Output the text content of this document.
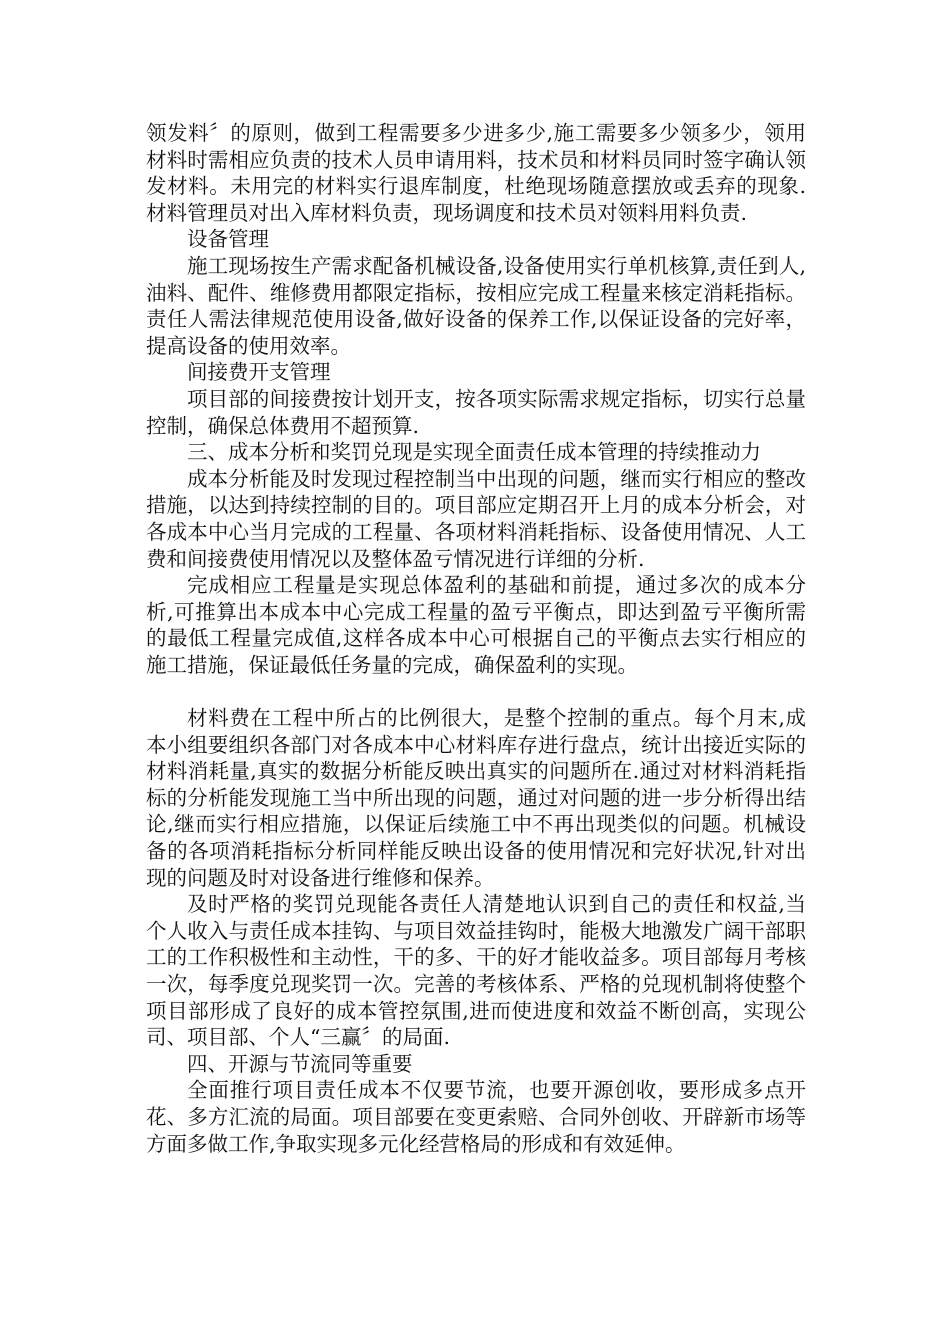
领发料〞的原则，做到工程需要多少进多少,施工需要多少领多少，领用材料时需相应负责的技术人员申请用料，技术员和材料员同时签字确认领发材料。未用完的材料实行退库制度，杜绝现场随意摆放或丢弃的现象.材料管理员对出入库材料负责，现场调度和技术员对领料用料负责.

设备管理

施工现场按生产需求配备机械设备,设备使用实行单机核算,责任到人,油料、配件、维修费用都限定指标，按相应完成工程量来核定消耗指标。责任人需法律规范使用设备,做好设备的保养工作,以保证设备的完好率，提高设备的使用效率。

间接费开支管理

项目部的间接费按计划开支，按各项实际需求规定指标，切实行总量控制，确保总体费用不超预算.

三、成本分析和奖罚兑现是实现全面责任成本管理的持续推动力

成本分析能及时发现过程控制当中出现的问题，继而实行相应的整改措施，以达到持续控制的目的。项目部应定期召开上月的成本分析会，对各成本中心当月完成的工程量、各项材料消耗指标、设备使用情况、人工费和间接费使用情况以及整体盈亏情况进行详细的分析.

完成相应工程量是实现总体盈利的基础和前提，通过多次的成本分析,可推算出本成本中心完成工程量的盈亏平衡点，即达到盈亏平衡所需的最低工程量完成值,这样各成本中心可根据自己的平衡点去实行相应的施工措施，保证最低任务量的完成，确保盈利的实现。

材料费在工程中所占的比例很大，是整个控制的重点。每个月末,成本小组要组织各部门对各成本中心材料库存进行盘点，统计出接近实际的材料消耗量,真实的数据分析能反映出真实的问题所在.通过对材料消耗指标的分析能发现施工当中所出现的问题，通过对问题的进一步分析得出结论,继而实行相应措施，以保证后续施工中不再出现类似的问题。机械设备的各项消耗指标分析同样能反映出设备的使用情况和完好状况,针对出现的问题及时对设备进行维修和保养。

及时严格的奖罚兑现能各责任人清楚地认识到自己的责任和权益,当个人收入与责任成本挂钩、与项目效益挂钩时，能极大地激发广阔干部职工的工作积极性和主动性，干的多、干的好才能收益多。项目部每月考核一次，每季度兑现奖罚一次。完善的考核体系、严格的兑现机制将使整个项目部形成了良好的成本管控氛围,进而使进度和效益不断创高，实现公司、项目部、个人“三赢〞的局面.

四、开源与节流同等重要

全面推行项目责任成本不仅要节流，也要开源创收，要形成多点开花、多方汇流的局面。项目部要在变更索赔、合同外创收、开辟新市场等方面多做工作,争取实现多元化经营格局的形成和有效延伸。
